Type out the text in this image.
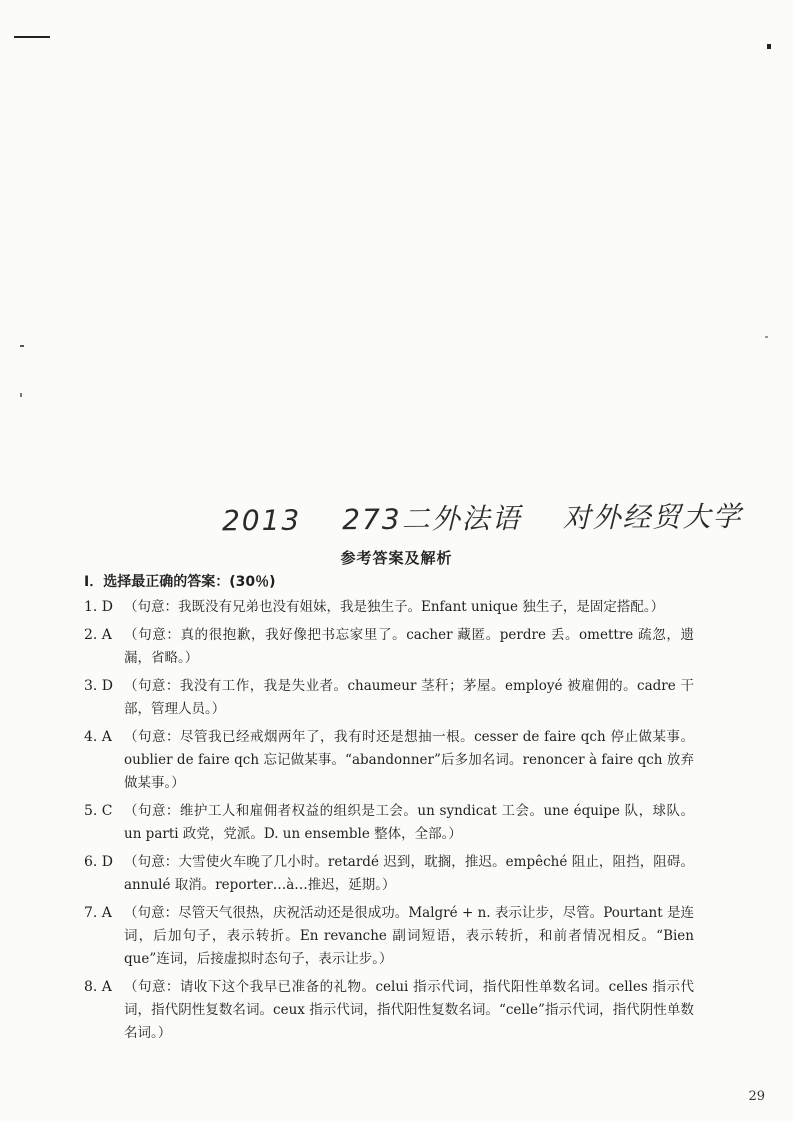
2013 273二外法语 对外经贸大学
参考答案及解析
I．选择最正确的答案：(30％)
1. D （句意：我既没有兄弟也没有姐妹，我是独生子。Enfant unique 独生子，是固定搭配。）
2. A （句意：真的很抱歉，我好像把书忘家里了。cacher 藏匿。perdre 丢。omettre 疏忽，遗漏，省略。）
3. D （句意：我没有工作，我是失业者。chaumeur 茎秆；茅屋。employé 被雇佣的。cadre 干部，管理人员。）
4. A （句意：尽管我已经戒烟两年了，我有时还是想抽一根。cesser de faire qch 停止做某事。oublier de faire qch 忘记做某事。“abandonner”后多加名词。renoncer à faire qch 放弃做某事。）
5. C （句意：维护工人和雇佣者权益的组织是工会。un syndicat 工会。une équipe 队，球队。un parti 政党，党派。D. un ensemble 整体，全部。）
6. D （句意：大雪使火车晚了几小时。retardé 迟到，耽搁，推迟。empêché 阻止，阻挡，阻碍。annulé 取消。reporter…à…推迟，延期。）
7. A （句意：尽管天气很热，庆祝活动还是很成功。Malgré + n. 表示让步，尽管。Pourtant 是连词，后加句子，表示转折。En revanche 副词短语，表示转折，和前者情况相反。“Bien que”连词，后接虚拟时态句子，表示让步。）
8. A （句意：请收下这个我早已准备的礼物。celui 指示代词，指代阳性单数名词。celles 指示代词，指代阴性复数名词。ceux 指示代词，指代阳性复数名词。“celle”指示代词，指代阴性单数名词。）
29
